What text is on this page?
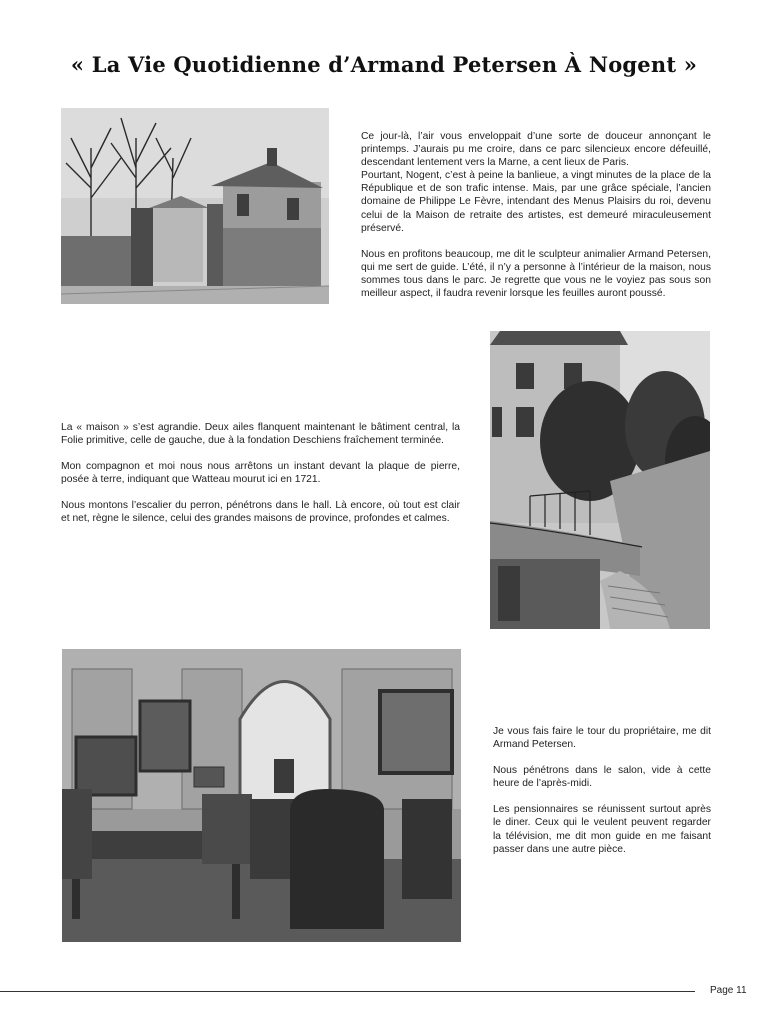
« La Vie Quotidienne d’Armand Petersen À Nogent »

Ce jour-là, l’air vous enveloppait d’une sorte de douceur annonçant le printemps. J’aurais pu me croire, dans ce parc silencieux encore défeuillé, descendant lentement vers la Marne, a cent lieux de Paris.

Pourtant, Nogent, c’est à peine la banlieue, a vingt minutes de la place de la République et de son trafic intense. Mais, par une grâce spéciale, l’ancien domaine de Philippe Le Fèvre, intendant des Menus Plaisirs du roi, devenu celui de la Maison de retraite des artistes, est demeuré miraculeusement préservé.

Nous en profitons beaucoup, me dit le sculpteur animalier Armand Petersen, qui me sert de guide. L’été, il n’y a personne à l’intérieur de la maison, nous sommes tous dans le parc. Je regrette que vous ne le voyiez pas sous son meilleur aspect, il faudra revenir lorsque les feuilles auront poussé.

La « maison » s’est agrandie. Deux ailes flanquent maintenant le bâtiment central, la Folie primitive, celle de gauche, due à la fondation Deschiens fraîchement terminée.

Mon compagnon et moi nous nous arrêtons un instant devant la plaque de pierre, posée à terre, indiquant que Watteau mourut ici en 1721.

Nous montons l’escalier du perron, pénétrons dans le hall. Là encore, où tout est clair et net, règne le silence, celui des grandes maisons de province, profondes et calmes.

Je vous fais faire le tour du propriétaire, me dit Armand Petersen.

Nous pénétrons dans le salon, vide à cette heure de l’après-midi.

Les pensionnaires se réunissent surtout après le diner. Ceux qui le veulent peuvent regarder la télévision, me dit mon guide en me faisant passer dans une autre pièce.

Page 11
